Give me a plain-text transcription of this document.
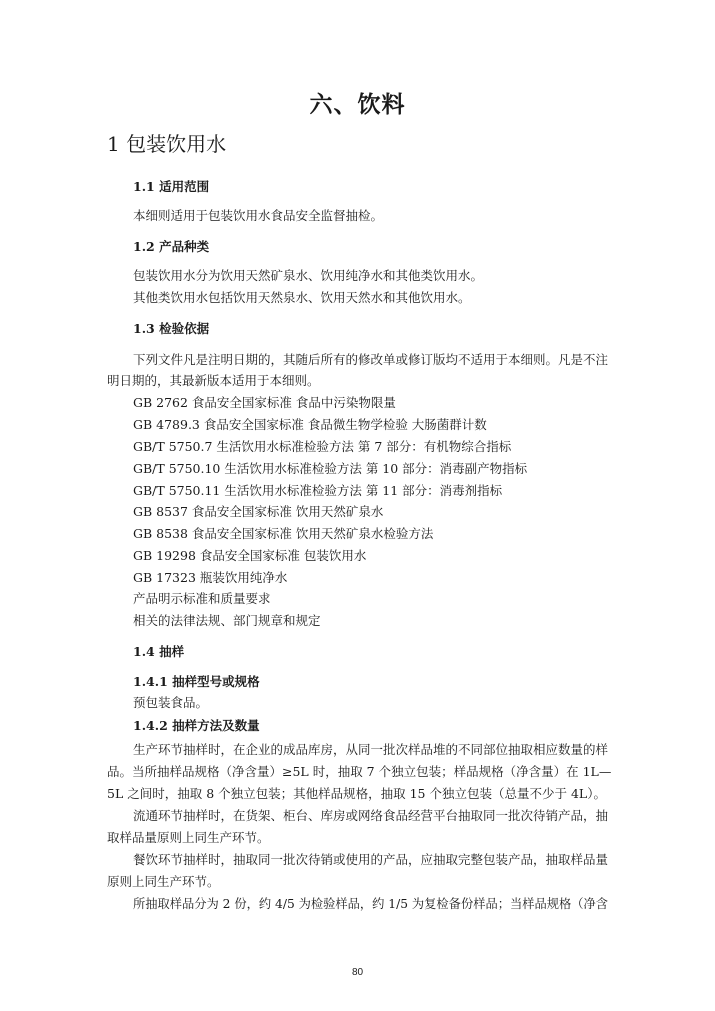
六、饮料
1 包装饮用水
1.1 适用范围
本细则适用于包装饮用水食品安全监督抽检。
1.2 产品种类
包装饮用水分为饮用天然矿泉水、饮用纯净水和其他类饮用水。
其他类饮用水包括饮用天然泉水、饮用天然水和其他饮用水。
1.3 检验依据
下列文件凡是注明日期的，其随后所有的修改单或修订版均不适用于本细则。凡是不注
明日期的，其最新版本适用于本细则。
GB 2762 食品安全国家标准 食品中污染物限量
GB 4789.3 食品安全国家标准 食品微生物学检验 大肠菌群计数
GB/T 5750.7 生活饮用水标准检验方法 第 7 部分：有机物综合指标
GB/T 5750.10 生活饮用水标准检验方法 第 10 部分：消毒副产物指标
GB/T 5750.11 生活饮用水标准检验方法 第 11 部分：消毒剂指标
GB 8537 食品安全国家标准 饮用天然矿泉水
GB 8538 食品安全国家标准 饮用天然矿泉水检验方法
GB 19298 食品安全国家标准 包装饮用水
GB 17323 瓶装饮用纯净水
产品明示标准和质量要求
相关的法律法规、部门规章和规定
1.4 抽样
1.4.1 抽样型号或规格
预包装食品。
1.4.2 抽样方法及数量
生产环节抽样时，在企业的成品库房，从同一批次样品堆的不同部位抽取相应数量的样
品。当所抽样品规格（净含量）≥5L 时，抽取 7 个独立包装；样品规格（净含量）在 1L—
5L 之间时，抽取 8 个独立包装；其他样品规格，抽取 15 个独立包装（总量不少于 4L）。
流通环节抽样时，在货架、柜台、库房或网络食品经营平台抽取同一批次待销产品，抽
取样品量原则上同生产环节。
餐饮环节抽样时，抽取同一批次待销或使用的产品，应抽取完整包装产品，抽取样品量
原则上同生产环节。
所抽取样品分为 2 份，约 4/5 为检验样品，约 1/5 为复检备份样品；当样品规格（净含
80
